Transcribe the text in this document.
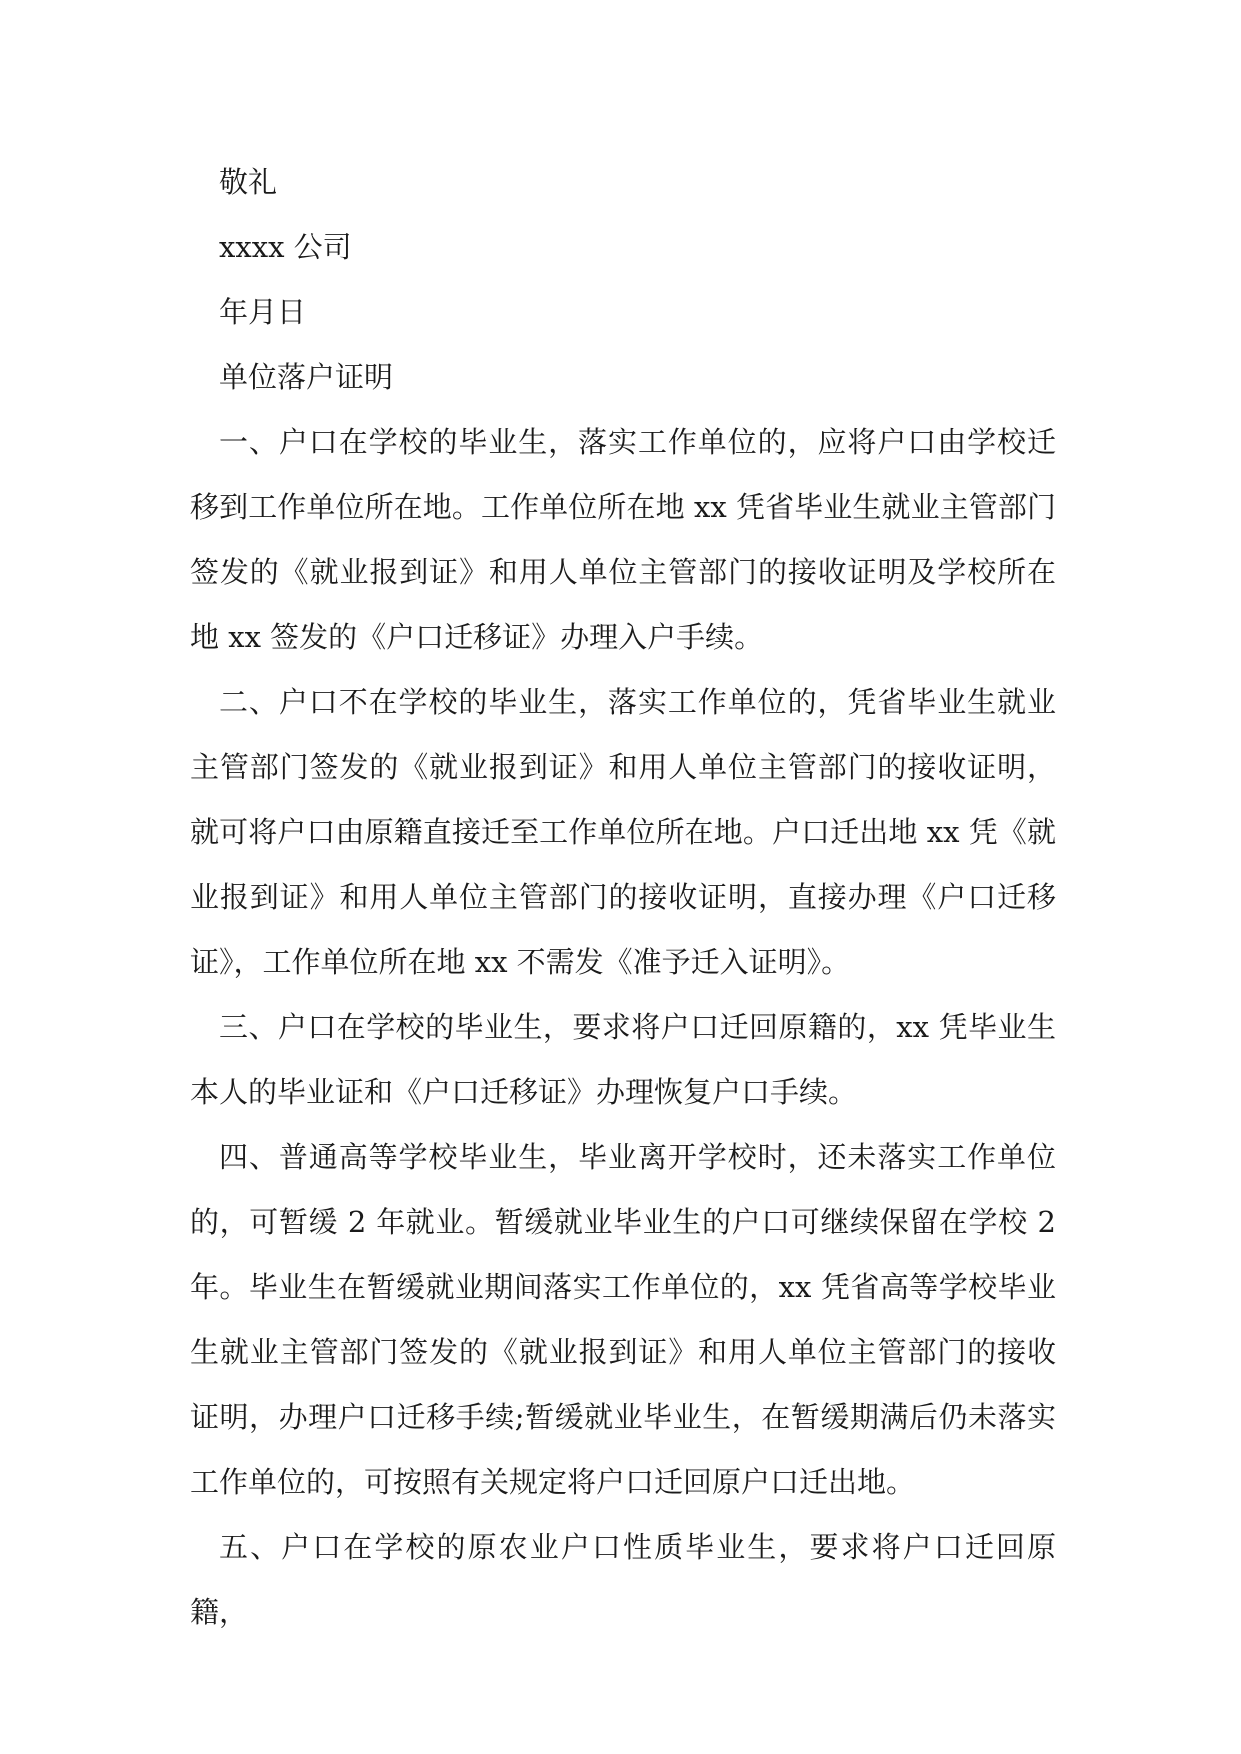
敬礼

xxxx 公司

年月日

单位落户证明

一、户口在学校的毕业生，落实工作单位的，应将户口由学校迁移到工作单位所在地。工作单位所在地 xx 凭省毕业生就业主管部门签发的《就业报到证》和用人单位主管部门的接收证明及学校所在地 xx 签发的《户口迁移证》办理入户手续。

二、户口不在学校的毕业生，落实工作单位的，凭省毕业生就业主管部门签发的《就业报到证》和用人单位主管部门的接收证明，就可将户口由原籍直接迁至工作单位所在地。户口迁出地 xx 凭《就业报到证》和用人单位主管部门的接收证明，直接办理《户口迁移证》，工作单位所在地 xx 不需发《准予迁入证明》。

三、户口在学校的毕业生，要求将户口迁回原籍的，xx 凭毕业生本人的毕业证和《户口迁移证》办理恢复户口手续。

四、普通高等学校毕业生，毕业离开学校时，还未落实工作单位的，可暂缓 2 年就业。暂缓就业毕业生的户口可继续保留在学校 2 年。毕业生在暂缓就业期间落实工作单位的，xx 凭省高等学校毕业生就业主管部门签发的《就业报到证》和用人单位主管部门的接收证明，办理户口迁移手续;暂缓就业毕业生，在暂缓期满后仍未落实工作单位的，可按照有关规定将户口迁回原户口迁出地。

五、户口在学校的原农业户口性质毕业生，要求将户口迁回原籍，
